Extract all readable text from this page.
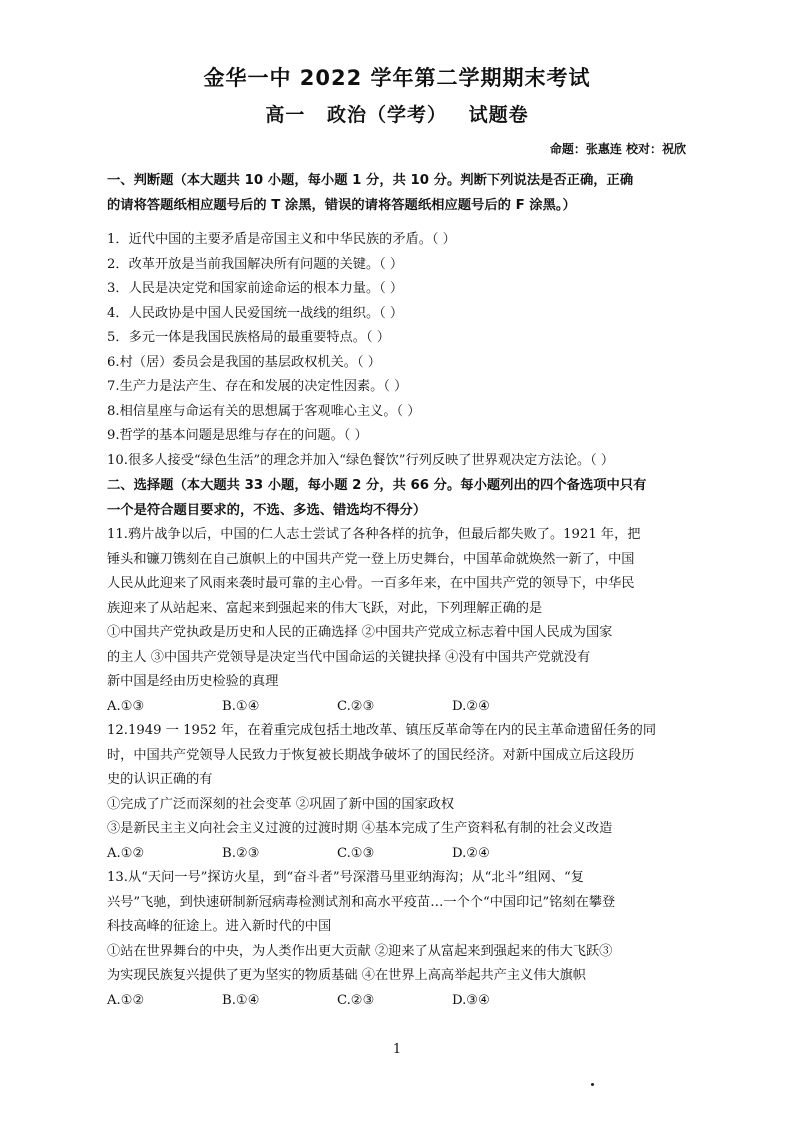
金华一中 2022 学年第二学期期末考试
高一 政治（学考） 试题卷
命题：张惠连 校对：祝欣

一、判断题（本大题共 10 小题，每小题 1 分，共 10 分。判断下列说法是否正确，正确

的请将答题纸相应题号后的 T 涂黑，错误的请将答题纸相应题号后的 F 涂黑。）

1．近代中国的主要矛盾是帝国主义和中华民族的矛盾。（ ）

2．改革开放是当前我国解决所有问题的关键。（ ）

3．人民是决定党和国家前途命运的根本力量。（ ）

4．人民政协是中国人民爱国统一战线的组织。（ ）

5．多元一体是我国民族格局的最重要特点。（ ）

6.村（居）委员会是我国的基层政权机关。（ ）

7.生产力是法产生、存在和发展的决定性因素。（ ）

8.相信星座与命运有关的思想属于客观唯心主义。（ ）

9.哲学的基本问题是思维与存在的问题。（ ）

10.很多人接受“绿色生活”的理念并加入“绿色餐饮”行列反映了世界观决定方法论。（ ）

二、选择题（本大题共 33 小题，每小题 2 分，共 66 分。每小题列出的四个备选项中只有

一个是符合题目要求的，不选、多选、错选均不得分）

11.鸦片战争以后，中国的仁人志士尝试了各种各样的抗争，但最后都失败了。1921 年，把

锤头和镰刀镌刻在自己旗帜上的中国共产党一登上历史舞台，中国革命就焕然一新了，中国

人民从此迎来了风雨来袭时最可靠的主心骨。一百多年来，在中国共产党的领导下，中华民

族迎来了从站起来、富起来到强起来的伟大飞跃，对此，下列理解正确的是

①中国共产党执政是历史和人民的正确选择 ②中国共产党成立标志着中国人民成为国家

的主人 ③中国共产党领导是决定当代中国命运的关键抉择 ④没有中国共产党就没有

新中国是经由历史检验的真理

A.①③	B.①④	C.②③	D.②④

12.1949 一 1952 年，在着重完成包括土地改革、镇压反革命等在内的民主革命遗留任务的同

时，中国共产党领导人民致力于恢复被长期战争破坏了的国民经济。对新中国成立后这段历

史的认识正确的有

①完成了广泛而深刻的社会变革 ②巩固了新中国的国家政权

③是新民主主义向社会主义过渡的过渡时期 ④基本完成了生产资料私有制的社会义改造

A.①②	B.②③	C.①③	D.②④

13.从“天问一号”探访火星，到“奋斗者”号深潜马里亚纳海沟；从“北斗”组网、“复

兴号”飞驰，到快速研制新冠病毒检测试剂和高水平疫苗…一个个“中国印记”铭刻在攀登

科技高峰的征途上。进入新时代的中国

①站在世界舞台的中央，为人类作出更大贡献 ②迎来了从富起来到强起来的伟大飞跃③

为实现民族复兴提供了更为坚实的物质基础 ④在世界上高高举起共产主义伟大旗帜

A.①②	B.①④	C.②③	D.③④
1
